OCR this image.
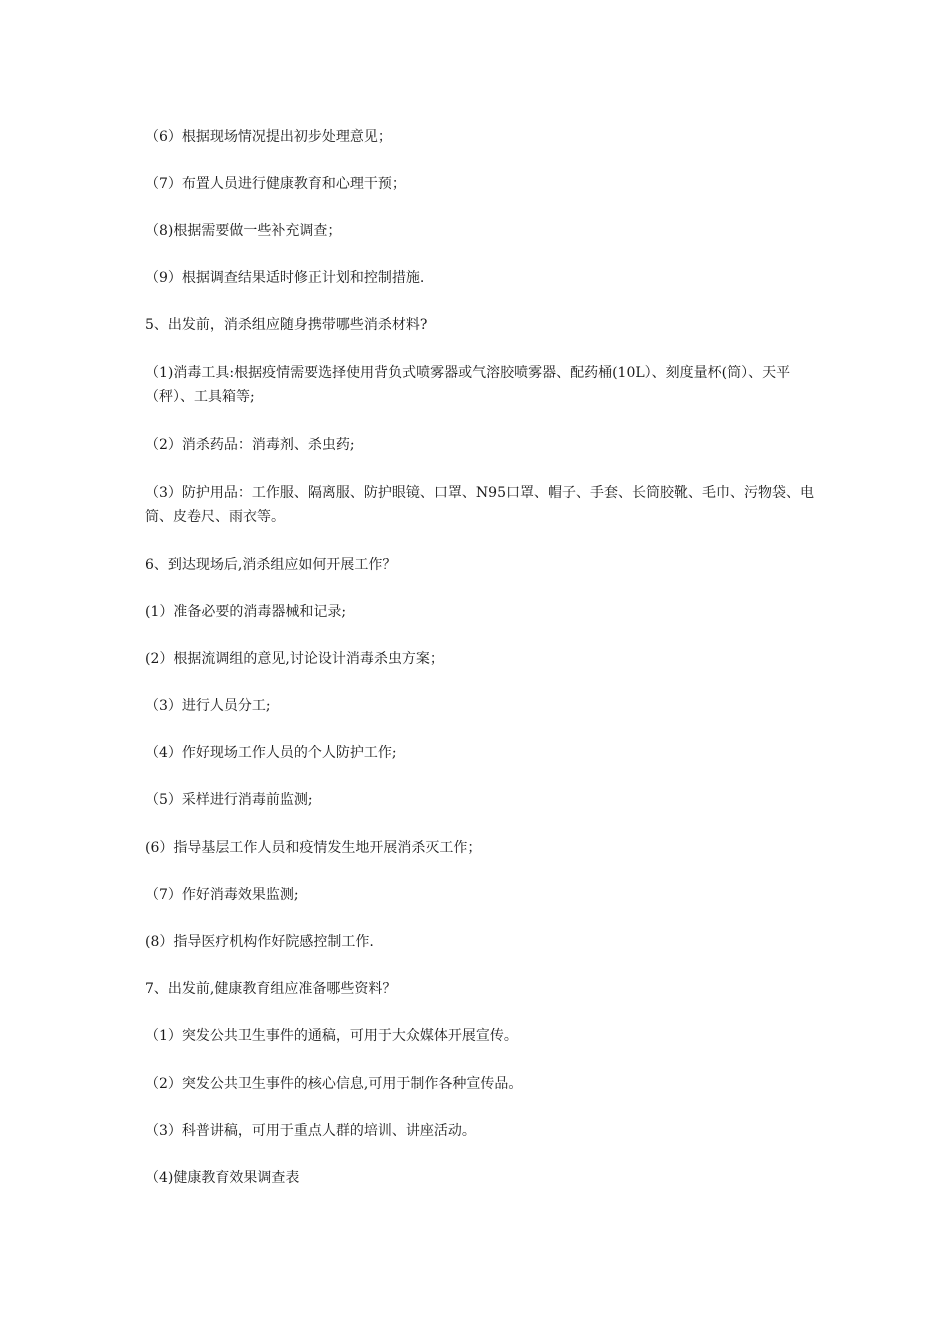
（6）根据现场情况提出初步处理意见；
（7）布置人员进行健康教育和心理干预；
（8)根据需要做一些补充调查；
（9）根据调查结果适时修正计划和控制措施.
5、出发前，消杀组应随身携带哪些消杀材料?
（1)消毒工具:根据疫情需要选择使用背负式喷雾器或气溶胶喷雾器、配药桶(10L）、刻度量杯(筒）、天平（秤）、工具箱等;
（2）消杀药品：消毒剂、杀虫药;
（3）防护用品：工作服、隔离服、防护眼镜、口罩、N95口罩、帽子、手套、长筒胶靴、毛巾、污物袋、电筒、皮卷尺、雨衣等。
6、到达现场后,消杀组应如何开展工作？
(1）准备必要的消毒器械和记录;
(2）根据流调组的意见,讨论设计消毒杀虫方案；
（3）进行人员分工;
（4）作好现场工作人员的个人防护工作;
（5）采样进行消毒前监测;
(6）指导基层工作人员和疫情发生地开展消杀灭工作；
（7）作好消毒效果监测;
(8）指导医疗机构作好院感控制工作.
7、出发前,健康教育组应准备哪些资料？
（1）突发公共卫生事件的通稿，可用于大众媒体开展宣传。
（2）突发公共卫生事件的核心信息,可用于制作各种宣传品。
（3）科普讲稿，可用于重点人群的培训、讲座活动。
（4)健康教育效果调查表
